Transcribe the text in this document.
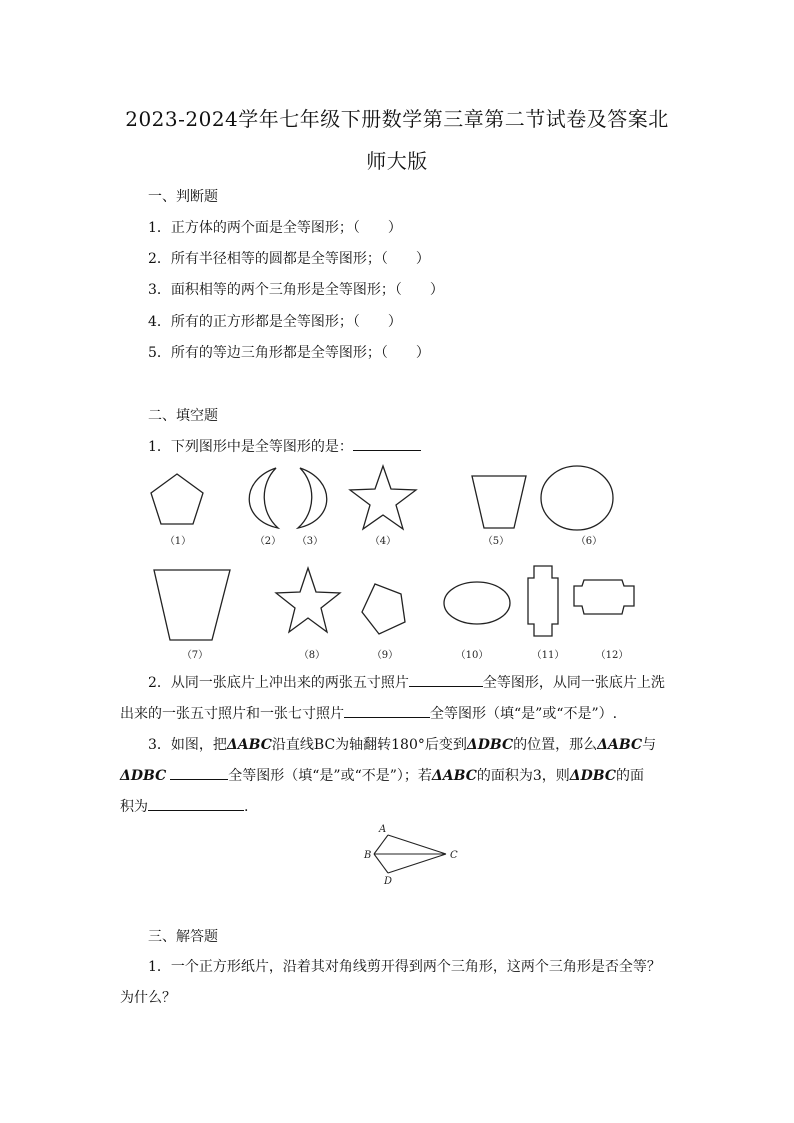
2023-2024学年七年级下册数学第三章第二节试卷及答案北
师大版
一、判断题
1．正方体的两个面是全等图形；（　　）
2．所有半径相等的圆都是全等图形；（　　）
3．面积相等的两个三角形是全等图形；（　　）
4．所有的正方形都是全等图形；（　　）
5．所有的等边三角形都是全等图形；（　　）
二、填空题
1．下列图形中是全等图形的是：
（1）	（2） （3）	（4）	（5）	（6）
（7）	（8）	（9）	（10）	（11）	（12）

2．从同一张底片上冲出来的两张五寸照片	全等图形，从同一张底片上洗

出来的一张五寸照片和一张七寸照片	全等图形（填“是”或“不是”）.

3．如图，把ΔABC沿直线BC为轴翻转180°后变到ΔDBC的位置，那么ΔABC与

ΔDBC	全等图形（填“是”或“不是”）；若ΔABC的面积为3，则ΔDBC的面

积为	.

A
B	C
D
三、解答题

1．一个正方形纸片，沿着其对角线剪开得到两个三角形，这两个三角形是否全等？

为什么？
